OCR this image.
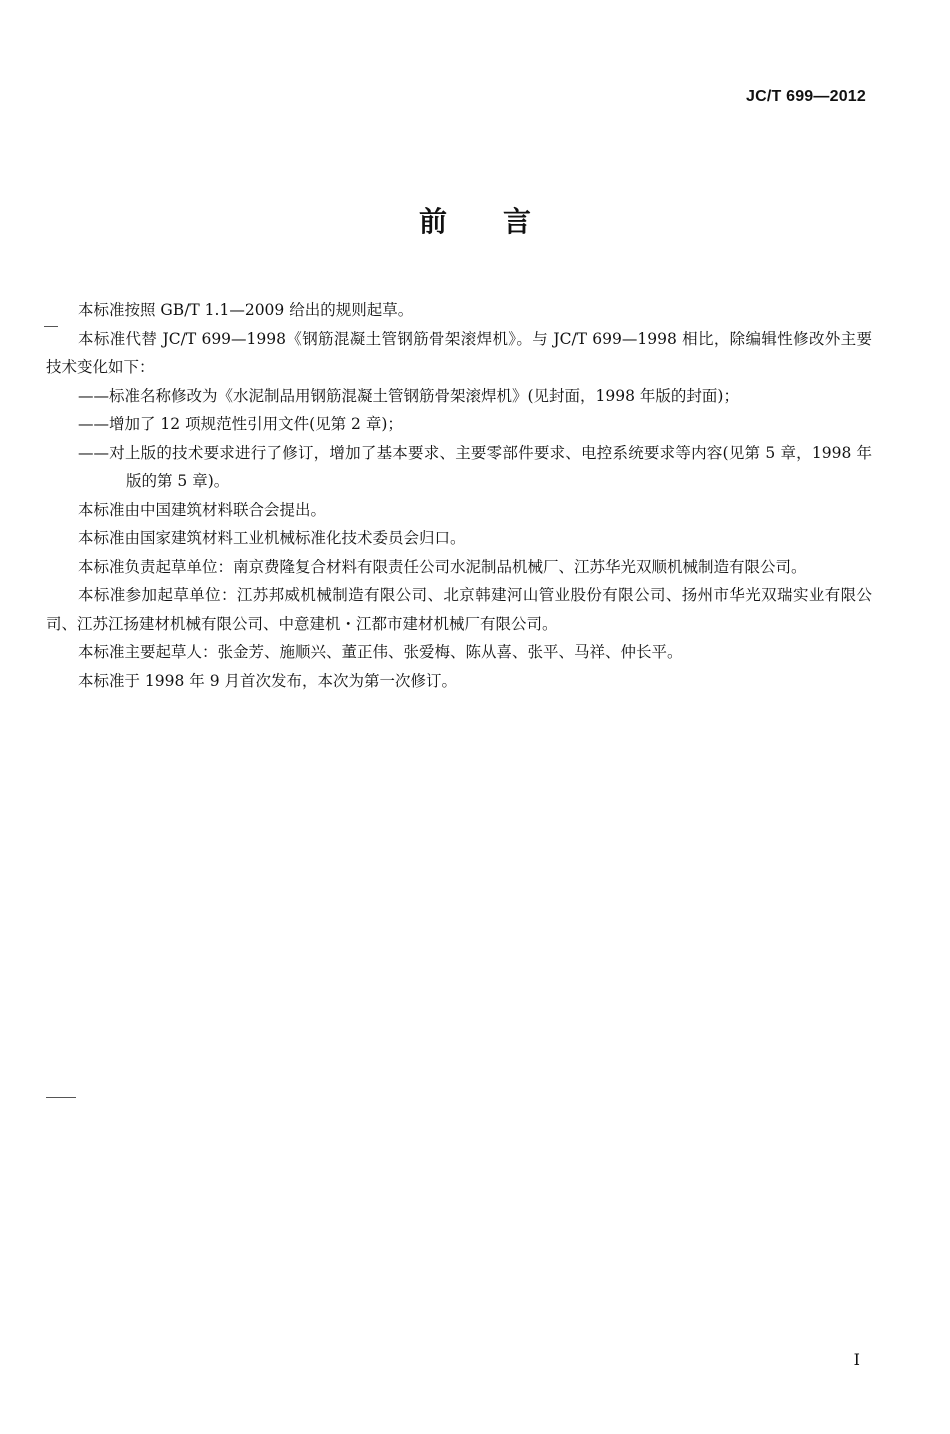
JC/T 699—2012
前言

本标准按照 GB/T 1.1—2009 给出的规则起草。

本标准代替 JC/T 699—1998《钢筋混凝土管钢筋骨架滚焊机》。与 JC/T 699—1998 相比，除编辑性修改外主要技术变化如下：

——标准名称修改为《水泥制品用钢筋混凝土管钢筋骨架滚焊机》(见封面，1998 年版的封面)；

——增加了 12 项规范性引用文件(见第 2 章)；

——对上版的技术要求进行了修订，增加了基本要求、主要零部件要求、电控系统要求等内容(见第 5 章，1998 年版的第 5 章)。

本标准由中国建筑材料联合会提出。

本标准由国家建筑材料工业机械标准化技术委员会归口。

本标准负责起草单位：南京费隆复合材料有限责任公司水泥制品机械厂、江苏华光双顺机械制造有限公司。

本标准参加起草单位：江苏邦威机械制造有限公司、北京韩建河山管业股份有限公司、扬州市华光双瑞实业有限公司、江苏江扬建材机械有限公司、中意建机・江都市建材机械厂有限公司。

本标准主要起草人：张金芳、施顺兴、董正伟、张爱梅、陈从喜、张平、马祥、仲长平。

本标准于 1998 年 9 月首次发布，本次为第一次修订。

I
